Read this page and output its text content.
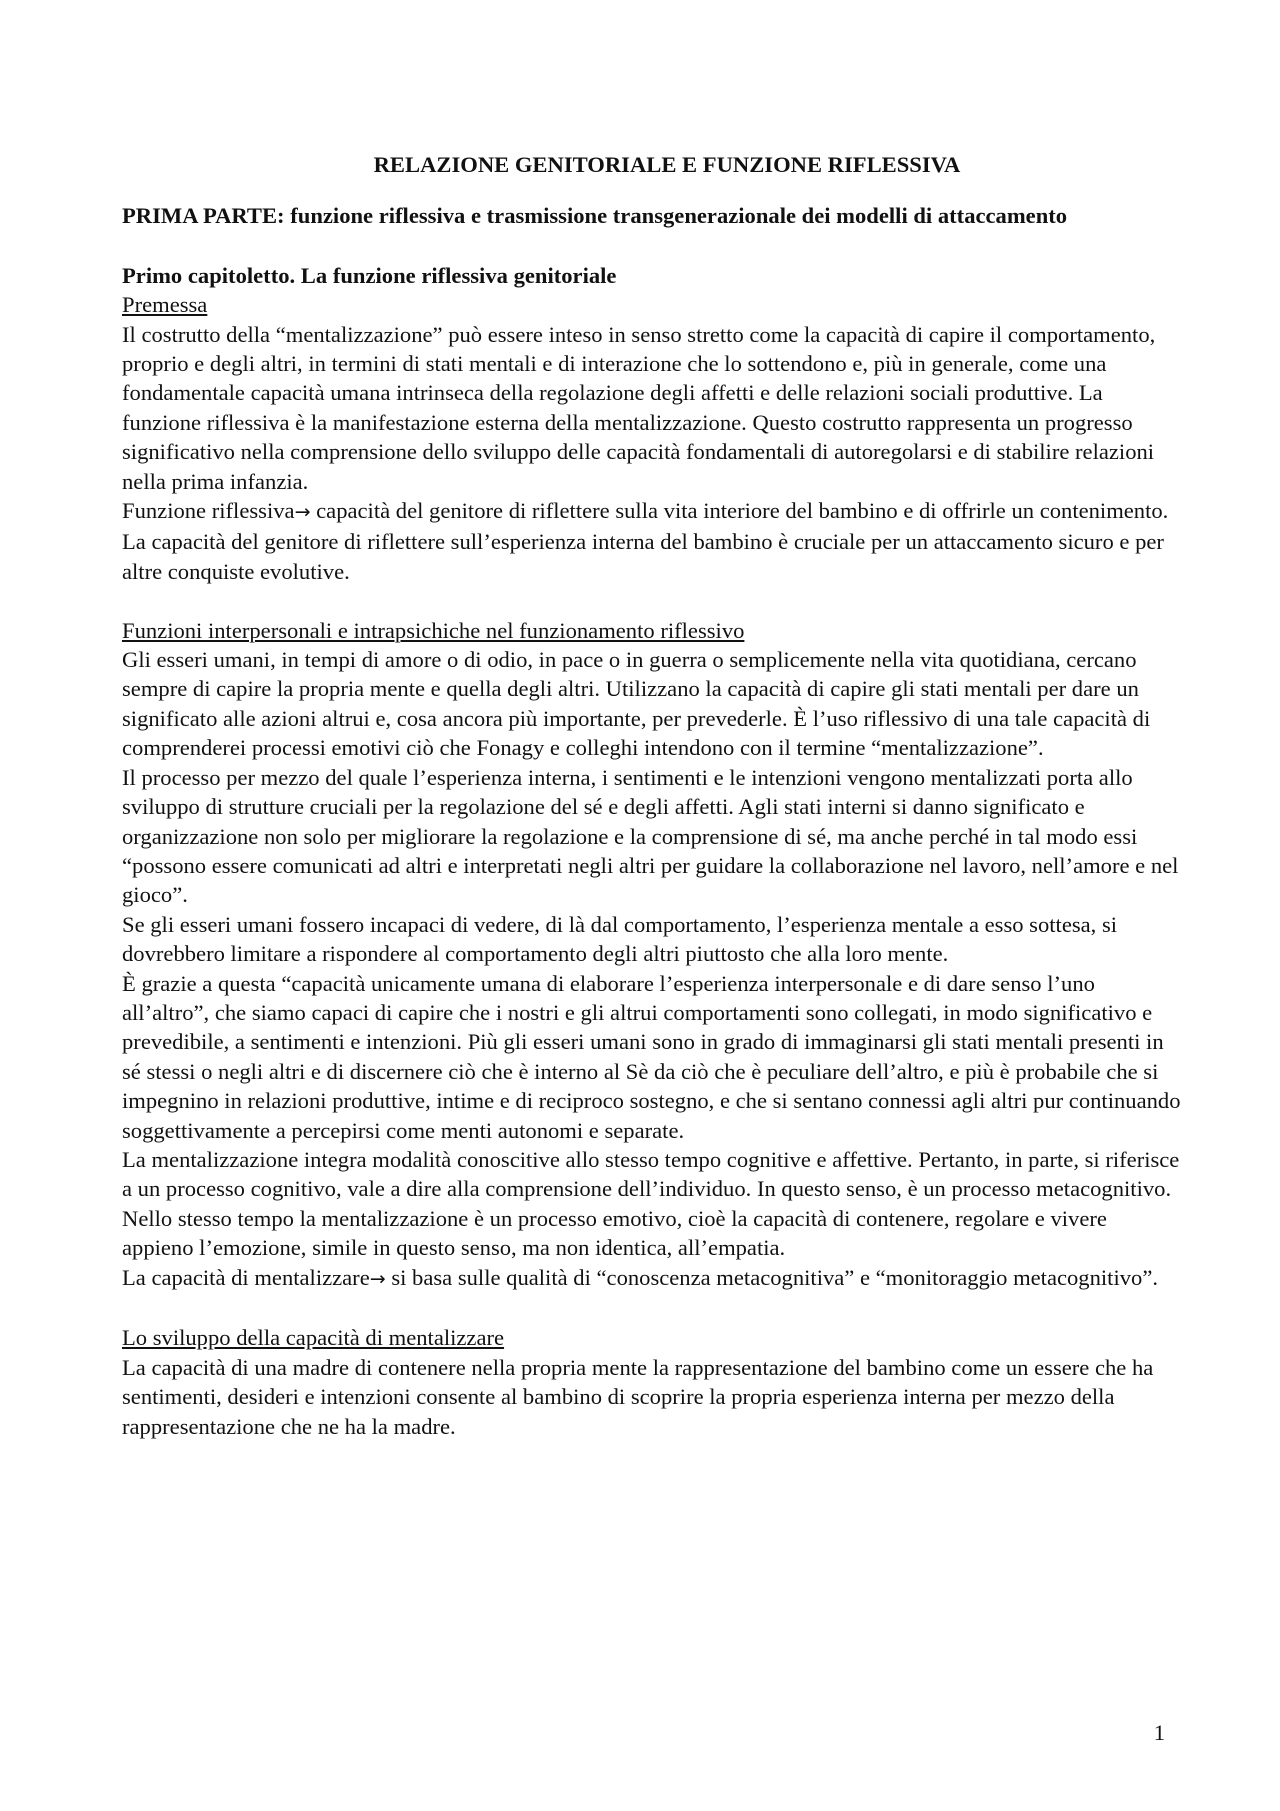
RELAZIONE GENITORIALE E FUNZIONE RIFLESSIVA
PRIMA PARTE: funzione riflessiva e trasmissione transgenerazionale dei modelli di attaccamento
Primo capitoletto. La funzione riflessiva genitoriale
Premessa

Il costrutto della “mentalizzazione” può essere inteso in senso stretto come la capacità di capire il comportamento, proprio e degli altri, in termini di stati mentali e di interazione che lo sottendono e, più in generale, come una fondamentale capacità umana intrinseca della regolazione degli affetti e delle relazioni sociali produttive. La funzione riflessiva è la manifestazione esterna della mentalizzazione. Questo costrutto rappresenta un progresso significativo nella comprensione dello sviluppo delle capacità fondamentali di autoregolarsi e di stabilire relazioni nella prima infanzia.

Funzione riflessiva→ capacità del genitore di riflettere sulla vita interiore del bambino e di offrirle un contenimento.

La capacità del genitore di riflettere sull’esperienza interna del bambino è cruciale per un attaccamento sicuro e per altre conquiste evolutive.

Funzioni interpersonali e intrapsichiche nel funzionamento riflessivo

Gli esseri umani, in tempi di amore o di odio, in pace o in guerra o semplicemente nella vita quotidiana, cercano sempre di capire la propria mente e quella degli altri. Utilizzano la capacità di capire gli stati mentali per dare un significato alle azioni altrui e, cosa ancora più importante, per prevederle. È l’uso riflessivo di una tale capacità di comprenderei processi emotivi ciò che Fonagy e colleghi intendono con il termine “mentalizzazione”.

Il processo per mezzo del quale l’esperienza interna, i sentimenti e le intenzioni vengono mentalizzati porta allo sviluppo di strutture cruciali per la regolazione del sé e degli affetti. Agli stati interni si danno significato e organizzazione non solo per migliorare la regolazione e la comprensione di sé, ma anche perché in tal modo essi “possono essere comunicati ad altri e interpretati negli altri per guidare la collaborazione nel lavoro, nell’amore e nel gioco”.

Se gli esseri umani fossero incapaci di vedere, di là dal comportamento, l’esperienza mentale a esso sottesa, si dovrebbero limitare a rispondere al comportamento degli altri piuttosto che alla loro mente.

È grazie a questa “capacità unicamente umana di elaborare l’esperienza interpersonale e di dare senso l’uno all’altro”, che siamo capaci di capire che i nostri e gli altrui comportamenti sono collegati, in modo significativo e prevedibile, a sentimenti e intenzioni. Più gli esseri umani sono in grado di immaginarsi gli stati mentali presenti in sé stessi o negli altri e di discernere ciò che è interno al Sè da ciò che è peculiare dell’altro, e più è probabile che si impegnino in relazioni produttive, intime e di reciproco sostegno, e che si sentano connessi agli altri pur continuando soggettivamente a percepirsi come menti autonomi e separate.

La mentalizzazione integra modalità conoscitive allo stesso tempo cognitive e affettive. Pertanto, in parte, si riferisce a un processo cognitivo, vale a dire alla comprensione dell’individuo. In questo senso, è un processo metacognitivo.

Nello stesso tempo la mentalizzazione è un processo emotivo, cioè la capacità di contenere, regolare e vivere appieno l’emozione, simile in questo senso, ma non identica, all’empatia.

La capacità di mentalizzare→ si basa sulle qualità di “conoscenza metacognitiva” e “monitoraggio metacognitivo”.

Lo sviluppo della capacità di mentalizzare

La capacità di una madre di contenere nella propria mente la rappresentazione del bambino come un essere che ha sentimenti, desideri e intenzioni consente al bambino di scoprire la propria esperienza interna per mezzo della rappresentazione che ne ha la madre.

1
